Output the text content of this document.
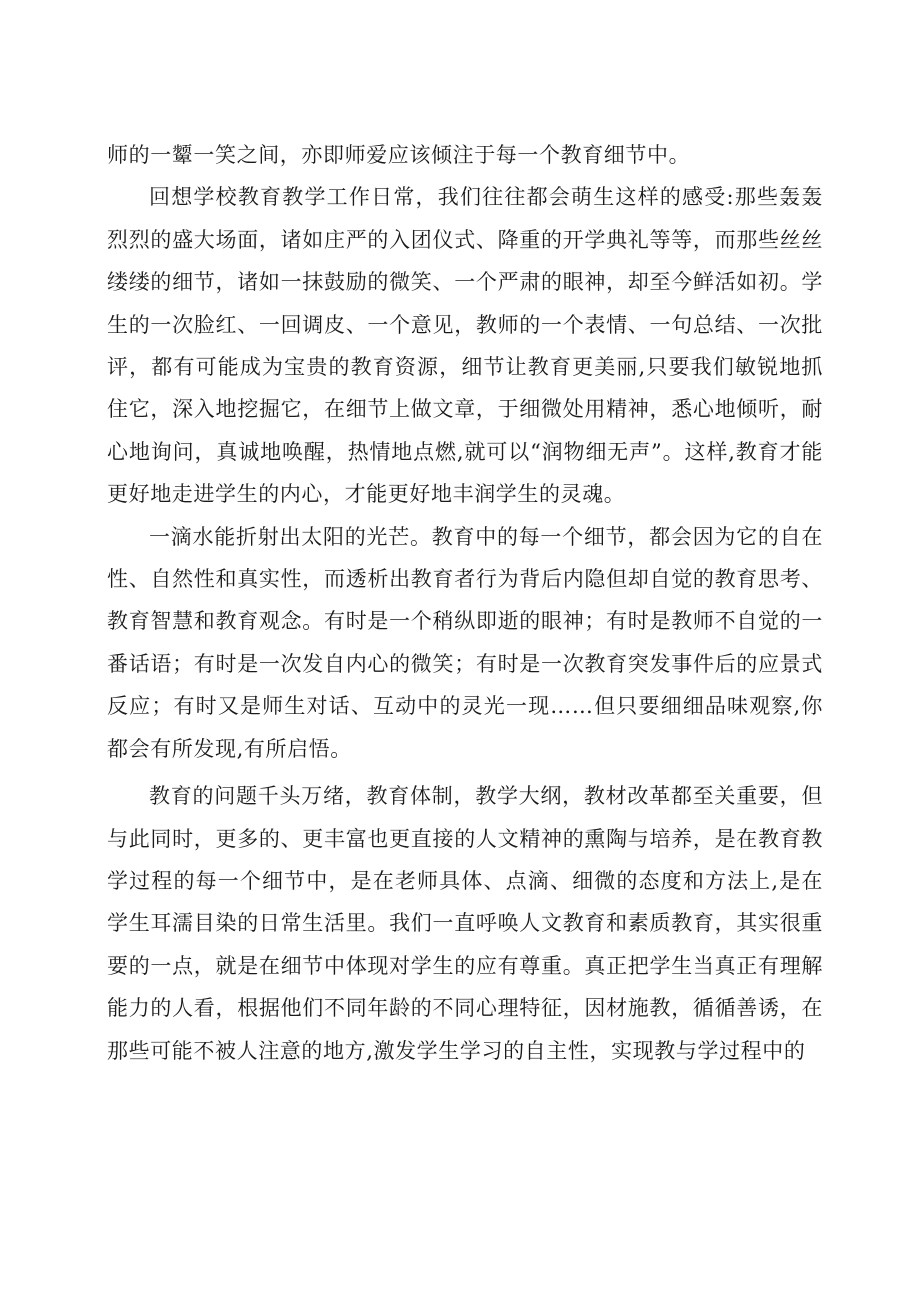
师的一颦一笑之间，亦即师爱应该倾注于每一个教育细节中。

回想学校教育教学工作日常，我们往往都会萌生这样的感受:那些轰轰烈烈的盛大场面，诸如庄严的入团仪式、降重的开学典礼等等，而那些丝丝缕缕的细节，诸如一抹鼓励的微笑、一个严肃的眼神，却至今鲜活如初。学生的一次脸红、一回调皮、一个意见，教师的一个表情、一句总结、一次批评，都有可能成为宝贵的教育资源，细节让教育更美丽,只要我们敏锐地抓住它，深入地挖掘它，在细节上做文章，于细微处用精神，悉心地倾听，耐心地询问，真诚地唤醒，热情地点燃,就可以“润物细无声”。这样,教育才能更好地走进学生的内心，才能更好地丰润学生的灵魂。

一滴水能折射出太阳的光芒。教育中的每一个细节，都会因为它的自在性、自然性和真实性，而透析出教育者行为背后内隐但却自觉的教育思考、教育智慧和教育观念。有时是一个稍纵即逝的眼神；有时是教师不自觉的一番话语；有时是一次发自内心的微笑；有时是一次教育突发事件后的应景式反应；有时又是师生对话、互动中的灵光一现……但只要细细品味观察,你都会有所发现,有所启悟。

教育的问题千头万绪，教育体制，教学大纲，教材改革都至关重要，但与此同时，更多的、更丰富也更直接的人文精神的熏陶与培养，是在教育教学过程的每一个细节中，是在老师具体、点滴、细微的态度和方法上,是在学生耳濡目染的日常生活里。我们一直呼唤人文教育和素质教育，其实很重要的一点，就是在细节中体现对学生的应有尊重。真正把学生当真正有理解能力的人看，根据他们不同年龄的不同心理特征，因材施教，循循善诱，在那些可能不被人注意的地方,激发学生学习的自主性，实现教与学过程中的
